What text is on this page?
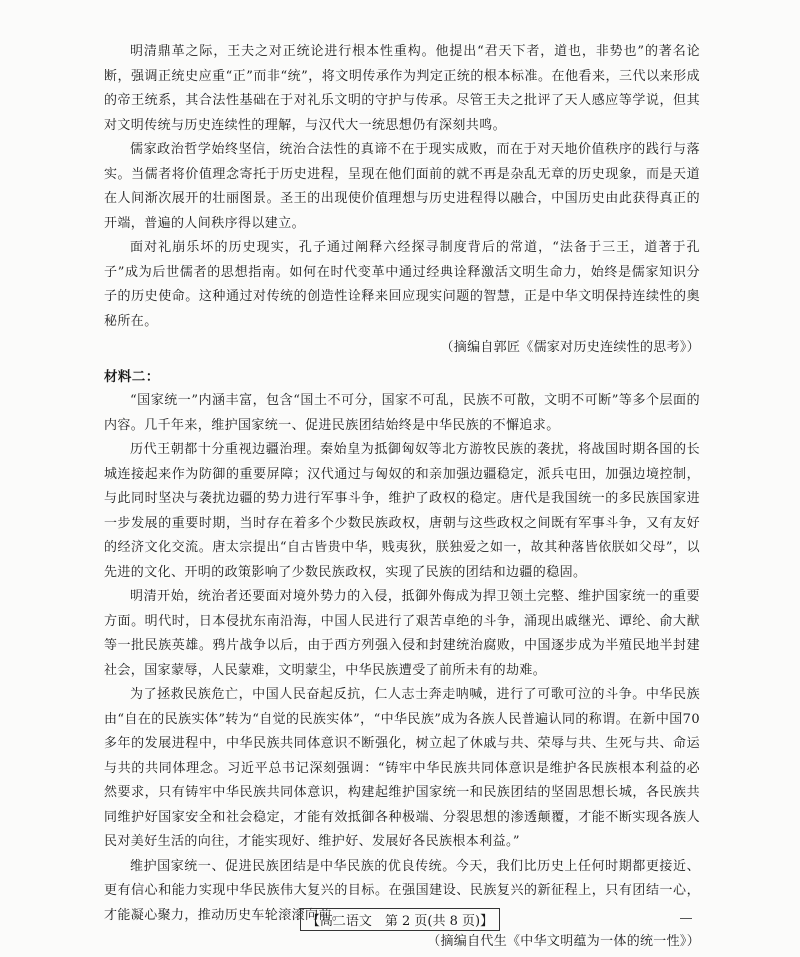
明清鼎革之际，王夫之对正统论进行根本性重构。他提出“君天下者，道也，非势也”的著名论断，强调正统史应重“正”而非“统”，将文明传承作为判定正统的根本标准。在他看来，三代以来形成的帝王统系，其合法性基础在于对礼乐文明的守护与传承。尽管王夫之批评了天人感应等学说，但其对文明传统与历史连续性的理解，与汉代大一统思想仍有深刻共鸣。

儒家政治哲学始终坚信，统治合法性的真谛不在于现实成败，而在于对天地价值秩序的践行与落实。当儒者将价值理念寄托于历史进程，呈现在他们面前的就不再是杂乱无章的历史现象，而是天道在人间渐次展开的壮丽图景。圣王的出现使价值理想与历史进程得以融合，中国历史由此获得真正的开端，普遍的人间秩序得以建立。

面对礼崩乐坏的历史现实，孔子通过阐释六经探寻制度背后的常道，“法备于三王，道著于孔子”成为后世儒者的思想指南。如何在时代变革中通过经典诠释激活文明生命力，始终是儒家知识分子的历史使命。这种通过对传统的创造性诠释来回应现实问题的智慧，正是中华文明保持连续性的奥秘所在。

（摘编自郭匠《儒家对历史连续性的思考》）

材料二：

“国家统一”内涵丰富，包含“国土不可分，国家不可乱，民族不可散，文明不可断”等多个层面的内容。几千年来，维护国家统一、促进民族团结始终是中华民族的不懈追求。

历代王朝都十分重视边疆治理。秦始皇为抵御匈奴等北方游牧民族的袭扰，将战国时期各国的长城连接起来作为防御的重要屏障；汉代通过与匈奴的和亲加强边疆稳定，派兵屯田，加强边境控制，与此同时坚决与袭扰边疆的势力进行军事斗争，维护了政权的稳定。唐代是我国统一的多民族国家进一步发展的重要时期，当时存在着多个少数民族政权，唐朝与这些政权之间既有军事斗争，又有友好的经济文化交流。唐太宗提出“自古皆贵中华，贱夷狄，朕独爱之如一，故其种落皆依朕如父母”，以先进的文化、开明的政策影响了少数民族政权，实现了民族的团结和边疆的稳固。

明清开始，统治者还要面对境外势力的入侵，抵御外侮成为捍卫领土完整、维护国家统一的重要方面。明代时，日本侵扰东南沿海，中国人民进行了艰苦卓绝的斗争，涌现出戚继光、谭纶、俞大猷等一批民族英雄。鸦片战争以后，由于西方列强入侵和封建统治腐败，中国逐步成为半殖民地半封建社会，国家蒙辱，人民蒙难，文明蒙尘，中华民族遭受了前所未有的劫难。

为了拯救民族危亡，中国人民奋起反抗，仁人志士奔走呐喊，进行了可歌可泣的斗争。中华民族由“自在的民族实体”转为“自觉的民族实体”，“中华民族”成为各族人民普遍认同的称谓。在新中国70多年的发展进程中，中华民族共同体意识不断强化，树立起了休戚与共、荣辱与共、生死与共、命运与共的共同体理念。习近平总书记深刻强调：“铸牢中华民族共同体意识是维护各民族根本利益的必然要求，只有铸牢中华民族共同体意识，构建起维护国家统一和民族团结的坚固思想长城，各民族共同维护好国家安全和社会稳定，才能有效抵御各种极端、分裂思想的渗透颠覆，才能不断实现各族人民对美好生活的向往，才能实现好、维护好、发展好各民族根本利益。”

维护国家统一、促进民族团结是中华民族的优良传统。今天，我们比历史上任何时期都更接近、更有信心和能力实现中华民族伟大复兴的目标。在强国建设、民族复兴的新征程上，只有团结一心，才能凝心聚力，推动历史车轮滚滚向前。

（摘编自代生《中华文明蕴为一体的统一性》）

【高二语文　第 2 页(共 8 页)】
